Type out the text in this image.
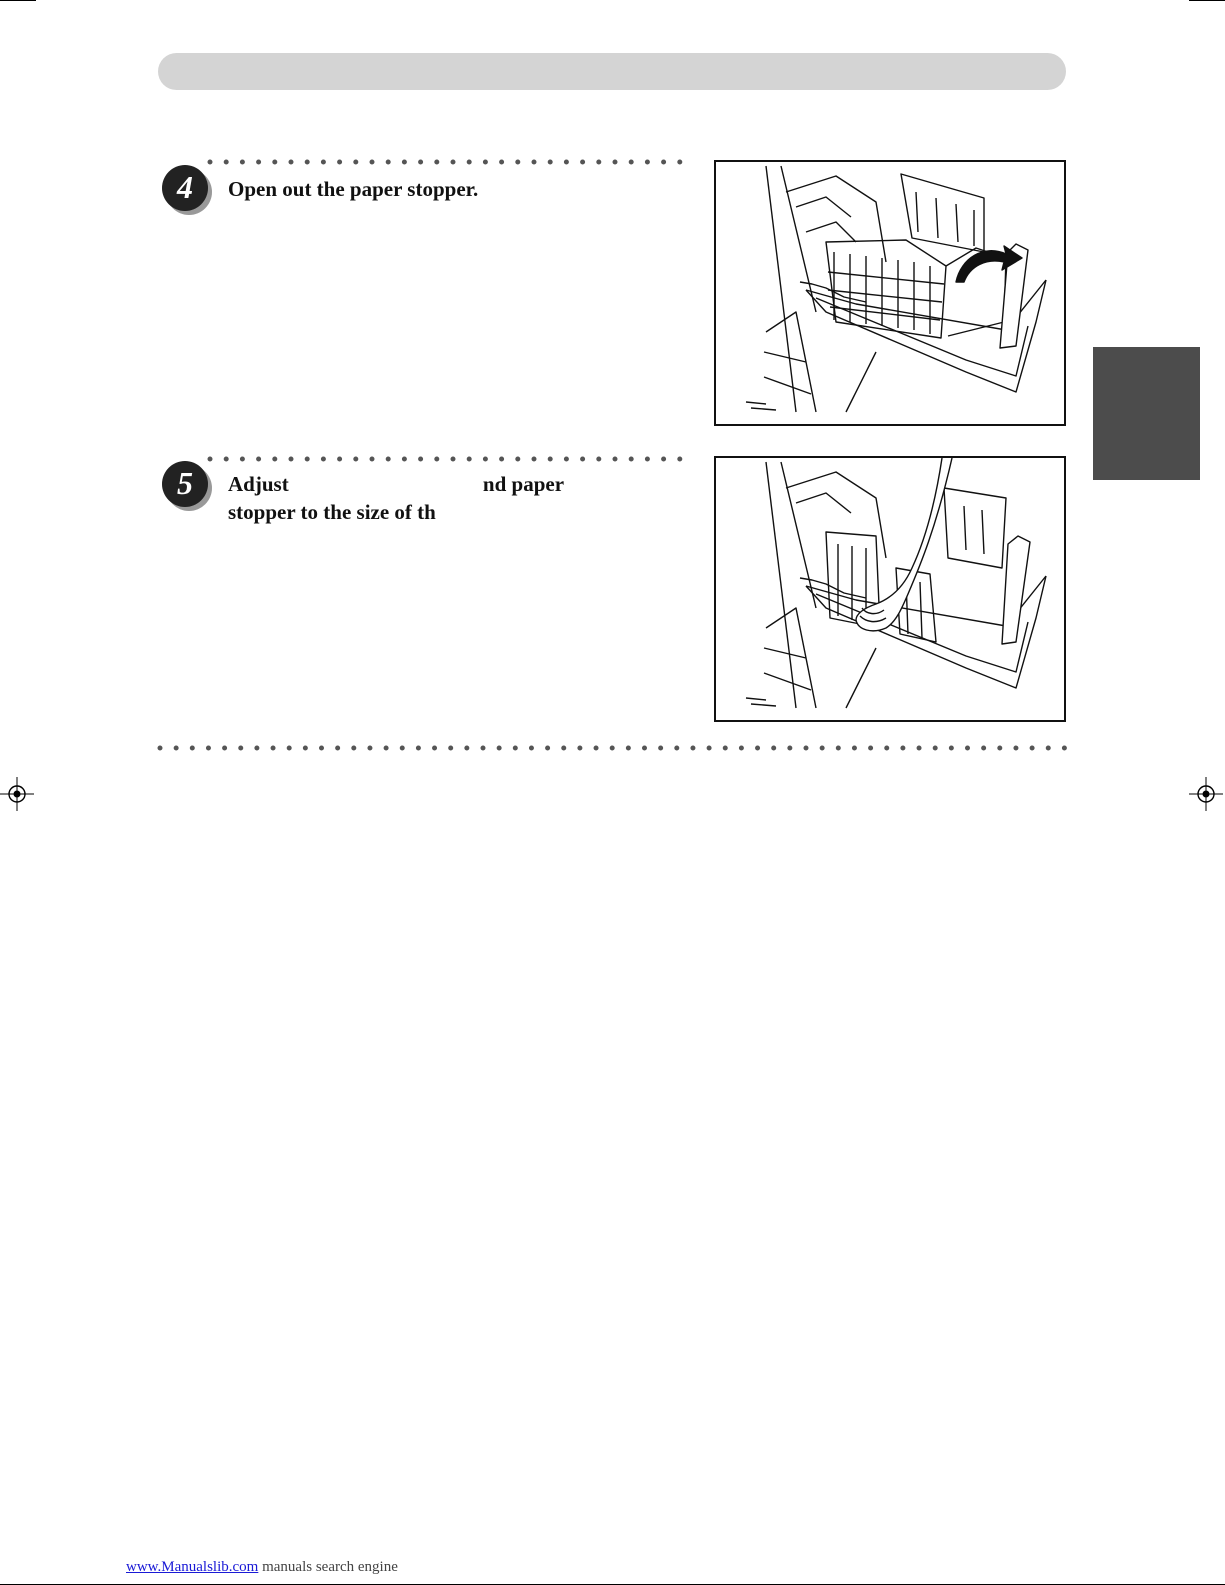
4 Open out the paper stopper.
5 Adjust                                     nd paper
stopper to the size of th
www.Manualslib.com manuals search engine
